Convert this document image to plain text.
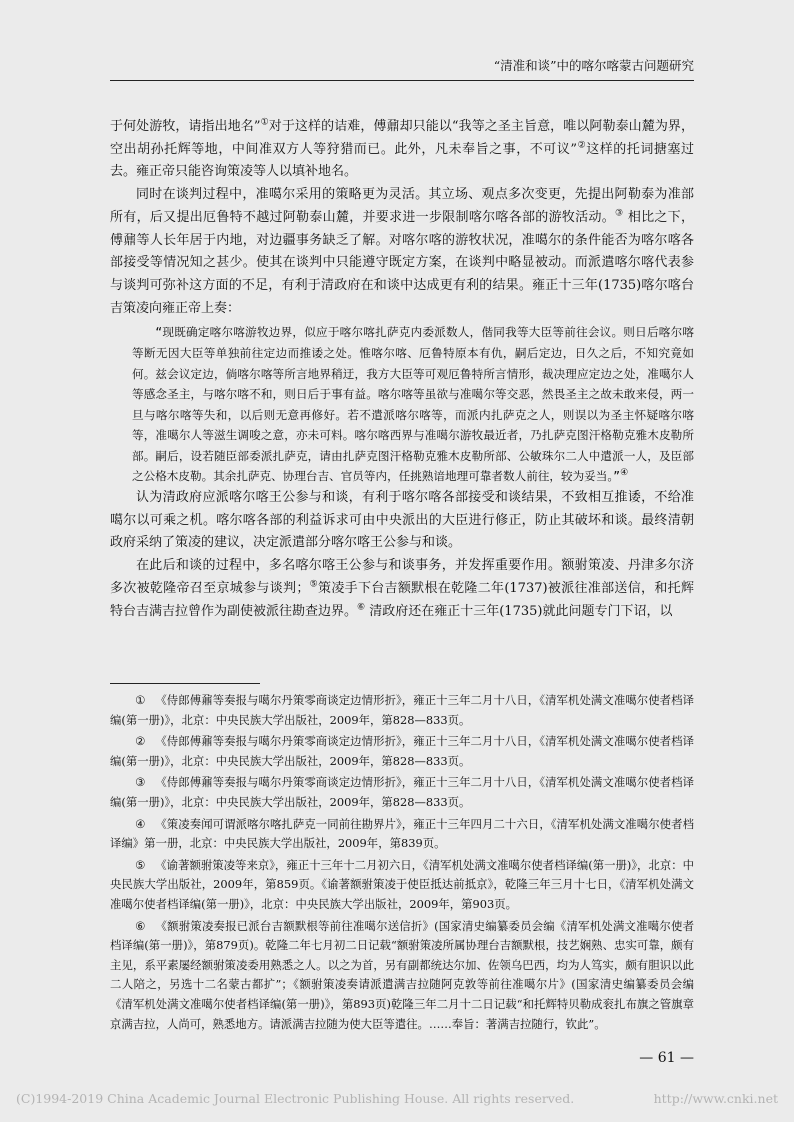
“清准和谈”中的喀尔喀蒙古问题研究

于何处游牧，请指出地名”①对于这样的诘难，傅鼐却只能以“我等之圣主旨意，唯以阿勒泰山麓为界，空出胡孙托辉等地，中间准双方人等狩猎而已。此外，凡未奉旨之事，不可议”②这样的托词搪塞过去。雍正帝只能咨询策凌等人以填补地名。

同时在谈判过程中，准噶尔采用的策略更为灵活。其立场、观点多次变更，先提出阿勒泰为准部所有，后又提出厄鲁特不越过阿勒泰山麓，并要求进一步限制喀尔喀各部的游牧活动。③ 相比之下，傅鼐等人长年居于内地，对边疆事务缺乏了解。对喀尔喀的游牧状况，准噶尔的条件能否为喀尔喀各部接受等情况知之甚少。使其在谈判中只能遵守既定方案，在谈判中略显被动。而派遣喀尔喀代表参与谈判可弥补这方面的不足，有利于清政府在和谈中达成更有利的结果。雍正十三年(1735)喀尔喀台吉策凌向雍正帝上奏：

“现既确定喀尔喀游牧边界，似应于喀尔喀扎萨克内委派数人，偕同我等大臣等前往会议。则日后喀尔喀等断无因大臣等单独前往定边而推诿之处。惟喀尔喀、厄鲁特原本有仇，嗣后定边，日久之后，不知究竟如何。兹会议定边，倘喀尔喀等所言地界稍迂，我方大臣等可观厄鲁特所言情形，裁决理应定边之处，准噶尔人等感念圣主，与喀尔喀不和，则日后于事有益。喀尔喀等虽欲与准噶尔等交恶，然畏圣主之故未敢来侵，两一旦与喀尔喀等失和，以后则无意再修好。若不遣派喀尔喀等，而派内扎萨克之人，则误以为圣主怀疑喀尔喀等，准噶尔人等滋生调唆之意，亦未可料。喀尔喀西界与准噶尔游牧最近者，乃扎萨克图汗格勒克雅木皮勒所部。嗣后，设若随臣部委派扎萨克，请由扎萨克图汗格勒克雅木皮勒所部、公敏珠尔二人中遣派一人，及臣部之公格木皮勒。其余扎萨克、协理台吉、官员等内，任挑熟谙地理可靠者数人前往，较为妥当。”④

认为清政府应派喀尔喀王公参与和谈，有利于喀尔喀各部接受和谈结果，不致相互推诿，不给准噶尔以可乘之机。喀尔喀各部的利益诉求可由中央派出的大臣进行修正，防止其破坏和谈。最终清朝政府采纳了策凌的建议，决定派遣部分喀尔喀王公参与和谈。

在此后和谈的过程中，多名喀尔喀王公参与和谈事务，并发挥重要作用。额驸策凌、丹津多尔济多次被乾隆帝召至京城参与谈判；⑤策凌手下台吉额默根在乾隆二年(1737)被派往准部送信，和托辉特台吉满吉拉曾作为副使被派往勘查边界。⑥ 清政府还在雍正十三年(1735)就此问题专门下诏，以

① 《侍郎傅鼐等奏报与噶尔丹策零商谈定边情形折》，雍正十三年二月十八日，《清军机处满文准噶尔使者档译编(第一册)》，北京：中央民族大学出版社，2009年，第828—833页。

② 《侍郎傅鼐等奏报与噶尔丹策零商谈定边情形折》，雍正十三年二月十八日，《清军机处满文准噶尔使者档译编(第一册)》，北京：中央民族大学出版社，2009年，第828—833页。

③ 《侍郎傅鼐等奏报与噶尔丹策零商谈定边情形折》，雍正十三年二月十八日，《清军机处满文准噶尔使者档译编(第一册)》，北京：中央民族大学出版社，2009年，第828—833页。

④ 《策凌奏闻可谓派喀尔喀扎萨克一同前往勘界片》，雍正十三年四月二十六日，《清军机处满文准噶尔使者档译编》第一册，北京：中央民族大学出版社，2009年，第839页。

⑤ 《谕著额驸策凌等来京》，雍正十三年十二月初六日，《清军机处满文准噶尔使者档译编(第一册)》，北京：中央民族大学出版社，2009年，第859页。《谕著额驸策凌于使臣抵达前抵京》，乾隆三年三月十七日，《清军机处满文准噶尔使者档译编(第一册)》，北京：中央民族大学出版社，2009年，第903页。

⑥ 《额驸策凌奏报已派台吉额默根等前往准噶尔送信折》(国家清史编纂委员会编《清军机处满文准噶尔使者档译编(第一册)》，第879页)。乾隆二年七月初二日记载“额驸策凌所属协理台吉额默根，技艺娴熟、忠实可靠，颇有主见，系平素屡经额驸策凌委用熟悉之人。以之为首，另有副都统达尔加、佐领乌巴西，均为人笃实，颇有胆识以此二人陪之，另选十二名蒙古都扩”；《额驸策凌奏请派遣满吉拉随阿克敦等前往准噶尔片》(国家清史编纂委员会编《清军机处满文准噶尔使者档译编(第一册)》，第893页)乾隆三年二月十二日记载“和托辉特贝勒成衮扎布旗之管旗章京满吉拉，人尚可，熟悉地方。请派满吉拉随为使大臣等遣往。……奉旨：著满吉拉随行，钦此”。

— 61 —
(C)1994-2019 China Academic Journal Electronic Publishing House. All rights reserved.	http://www.cnki.net
